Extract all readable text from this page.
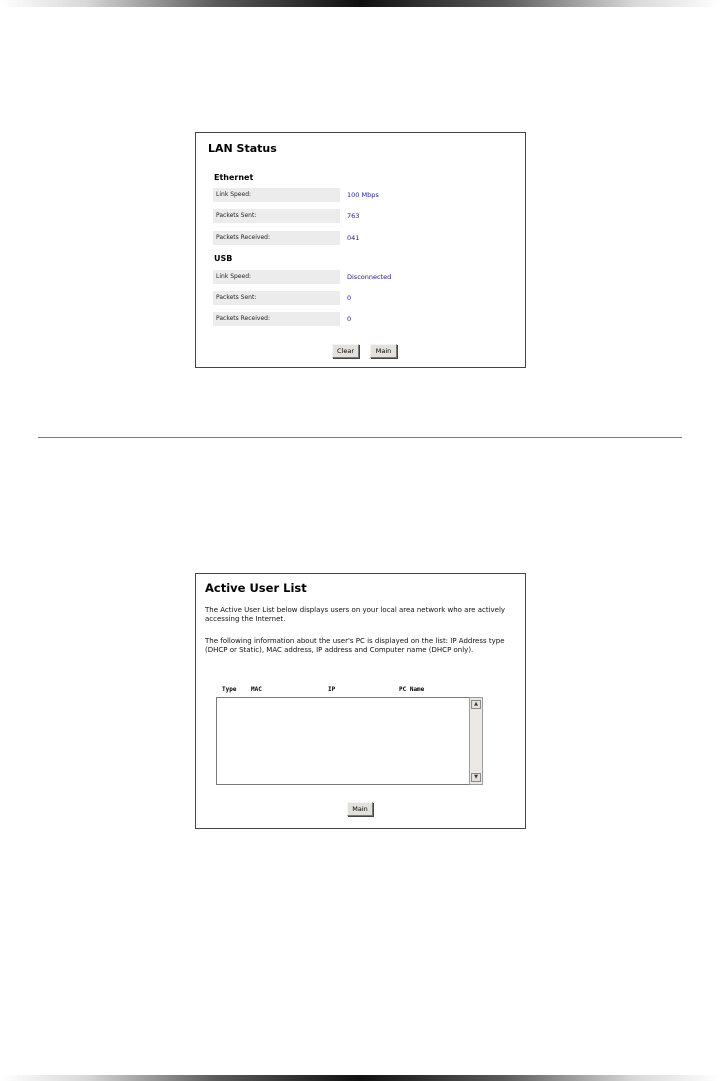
LAN Status
Ethernet
Link Speed:	100 Mbps
Packets Sent:	763
Packets Received:	041
USB
Link Speed:	Disconnected
Packets Sent:	0
Packets Received:	0
Clear	Main
Active User List
The Active User List below displays users on your local area network who are actively accessing the Internet.
The following information about the user's PC is displayed on the list: IP Address type (DHCP or Static), MAC address, IP address and Computer name (DHCP only).
Type MAC	IP	PC Name
▲
▼
Main
